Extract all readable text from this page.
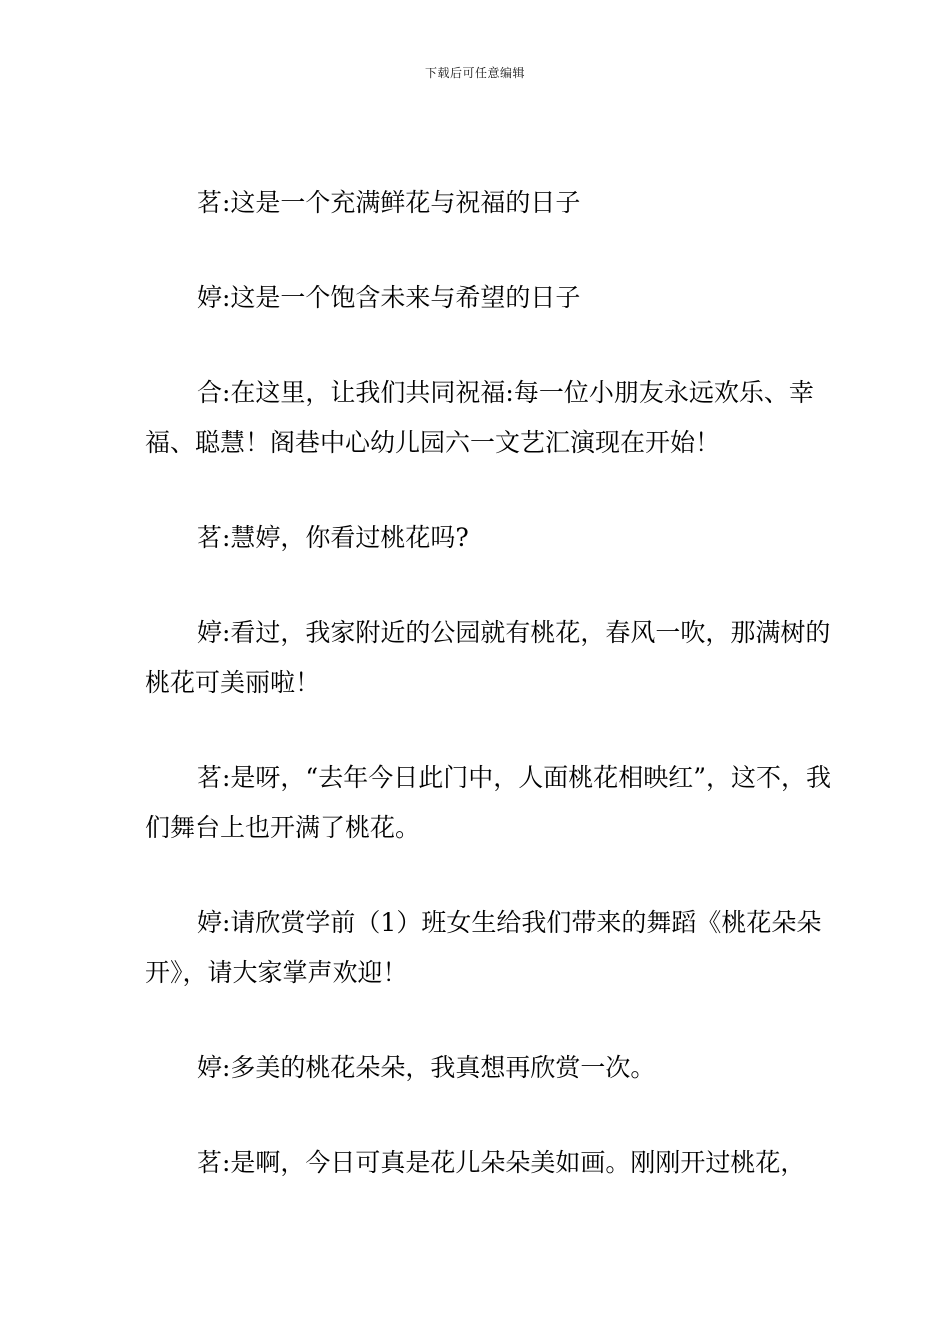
下载后可任意编辑

茗:这是一个充满鲜花与祝福的日子

婷:这是一个饱含未来与希望的日子

合:在这里，让我们共同祝福:每一位小朋友永远欢乐、幸福、聪慧！阁巷中心幼儿园六一文艺汇演现在开始！

茗:慧婷，你看过桃花吗?

婷:看过，我家附近的公园就有桃花，春风一吹，那满树的桃花可美丽啦！

茗:是呀，“去年今日此门中，人面桃花相映红”，这不，我们舞台上也开满了桃花。

婷:请欣赏学前（1）班女生给我们带来的舞蹈《桃花朵朵开》，请大家掌声欢迎！

婷:多美的桃花朵朵，我真想再欣赏一次。

茗:是啊，今日可真是花儿朵朵美如画。刚刚开过桃花，
